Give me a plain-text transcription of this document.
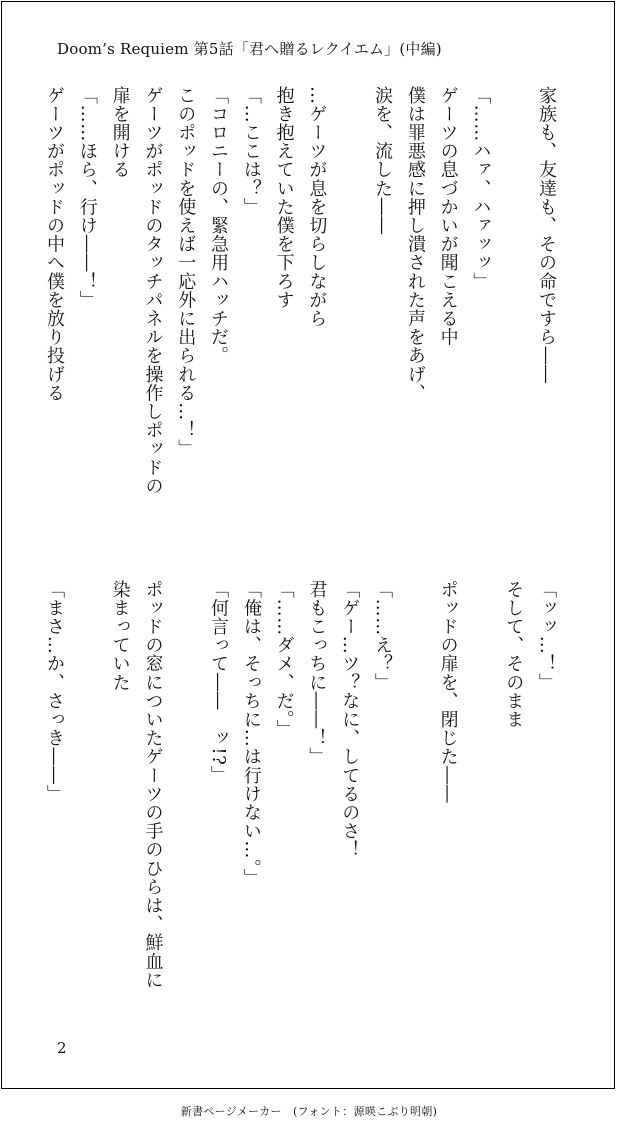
Doom’s Requiem 第5話「君へ贈るレクイエム」(中編)
家族も、友達も、その命ですら――
「……ハァ、ハァッッ」
ゲーツの息づかいが聞こえる中
僕は罪悪感に押し潰された声をあげ、
涙を、流した――
…ゲーツが息を切らしながら
抱き抱えていた僕を下ろす
「…ここは？」
「コロニーの、緊急用ハッチだ。
このポッドを使えば一応外に出られる…！」
ゲーツがポッドのタッチパネルを操作しポッドの
扉を開ける
「……ほら、行け――！」
ゲーツがポッドの中へ僕を放り投げる
「ッッ…！」
そして、そのまま
ポッドの扉を、閉じた――
「……え？」
「ゲー…ツ？なに、してるのさ！
君もこっちに――！」
「……ダメ、だ。」
「俺は、そっちに…は行けない…。」
「何言って――　ッ!?」
ポッドの窓についたゲーツの手のひらは、鮮血に
染まっていた
「まさ…か、さっき――」
2
新書ページメーカー　(フォント：源暎こぶり明朝)
